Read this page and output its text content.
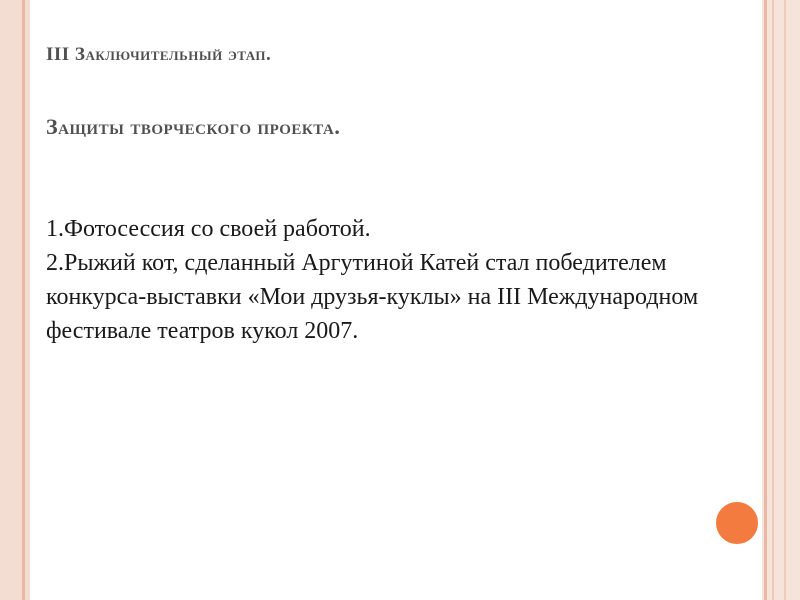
III Заключительный этап.
Защиты творческого проекта.

1.Фотосессия со своей работой.

2.Рыжий кот, сделанный Аргутиной Катей стал победителем конкурса-выставки «Мои друзья-куклы» на III Международном фестивале театров кукол 2007.
